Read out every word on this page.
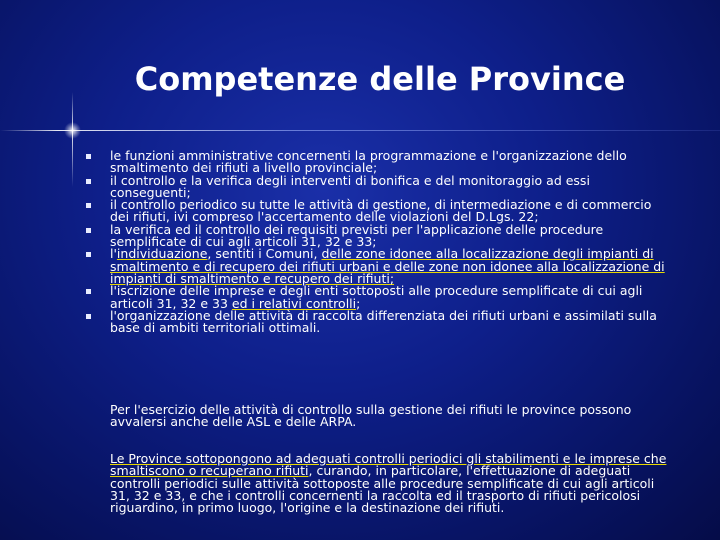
Competenze delle Province
le funzioni amministrative concernenti la programmazione e l'organizzazione dello smaltimento dei rifiuti a livello provinciale;
il controllo e la verifica degli interventi di bonifica e del monitoraggio ad essi conseguenti;
il controllo periodico su tutte le attività di gestione, di intermediazione e di commercio dei rifiuti, ivi compreso l'accertamento delle violazioni del D.Lgs. 22;
la verifica ed il controllo dei requisiti previsti per l'applicazione delle procedure semplificate di cui agli articoli 31, 32 e 33;
l'individuazione, sentiti i Comuni, delle zone idonee alla localizzazione degli impianti di smaltimento e di recupero dei rifiuti urbani e delle zone non idonee alla localizzazione di impianti di smaltimento e recupero dei rifiuti;
l'iscrizione delle imprese e degli enti sottoposti alle procedure semplificate di cui agli articoli 31, 32 e 33 ed i relativi controlli;
l'organizzazione delle attività di raccolta differenziata dei rifiuti urbani e assimilati sulla base di ambiti territoriali ottimali.

Per l'esercizio delle attività di controllo sulla gestione dei rifiuti le province possono avvalersi anche delle ASL e delle ARPA.

Le Province sottopongono ad adeguati controlli periodici gli stabilimenti e le imprese che smaltiscono o recuperano rifiuti, curando, in particolare, l'effettuazione di adeguati controlli periodici sulle attività sottoposte alle procedure semplificate di cui agli articoli 31, 32 e 33, e che i controlli concernenti la raccolta ed il trasporto di rifiuti pericolosi riguardino, in primo luogo, l'origine e la destinazione dei rifiuti.
